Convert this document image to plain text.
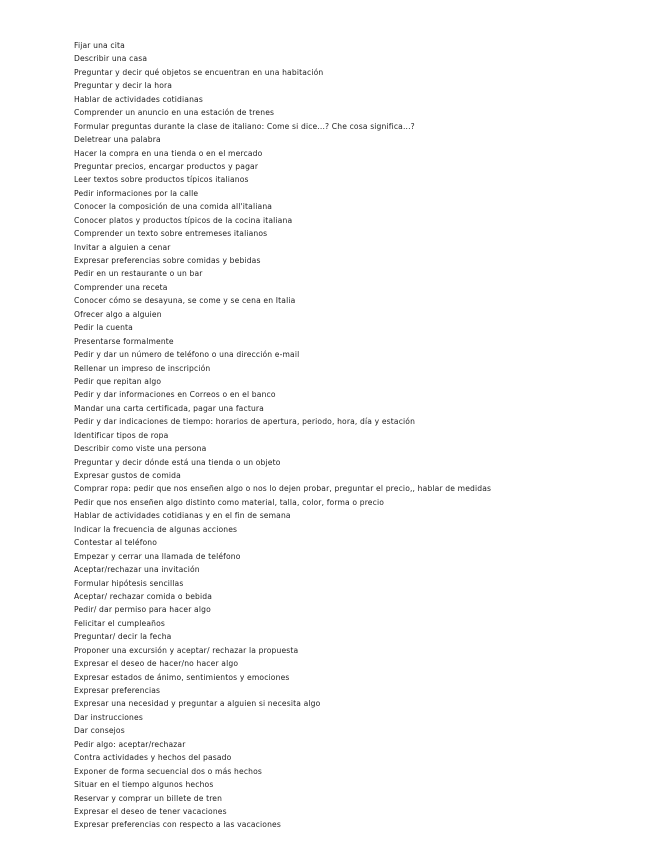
Fijar una cita
Describir una casa
Preguntar y decir qué objetos se encuentran en una habitación
Preguntar y decir la hora
Hablar de actividades cotidianas
Comprender un anuncio en una estación de trenes
Formular preguntas durante la clase de italiano: Come si dice...? Che cosa significa...?
Deletrear una palabra
Hacer la compra en una tienda o en el mercado
Preguntar precios, encargar productos y pagar
Leer textos sobre productos típicos italianos
Pedir informaciones por la calle
Conocer la composición de una comida all'italiana
Conocer platos y productos típicos de la cocina italiana
Comprender un texto sobre entremeses italianos
Invitar a alguien a cenar
Expresar preferencias sobre comidas y bebidas
Pedir en un restaurante o un bar
Comprender una receta
Conocer cómo se desayuna, se come y se cena en Italia
Ofrecer algo a alguien
Pedir la cuenta
Presentarse formalmente
Pedir y dar un número de teléfono o una dirección e-mail
Rellenar un impreso de inscripción
Pedir que repitan algo
Pedir y dar informaciones en Correos o en el banco
Mandar una carta certificada, pagar una factura
Pedir y dar indicaciones de tiempo: horarios de apertura, periodo, hora, día y estación
Identificar tipos de ropa
Describir como viste una persona
Preguntar y decir dónde está una tienda o un objeto
Expresar gustos de comida
Comprar ropa: pedir que nos enseñen algo o nos lo dejen probar, preguntar el precio,, hablar de medidas
Pedir que nos enseñen algo distinto como material, talla, color, forma o precio
Hablar de actividades cotidianas y en el fin de semana
Indicar la frecuencia de algunas acciones
Contestar al teléfono
Empezar y cerrar una llamada de teléfono
Aceptar/rechazar una invitación
Formular hipótesis sencillas
Aceptar/ rechazar comida o bebida
Pedir/ dar permiso para hacer algo
Felicitar el cumpleaños
Preguntar/ decir la fecha
Proponer una excursión y aceptar/ rechazar la propuesta
Expresar el deseo de hacer/no hacer algo
Expresar estados de ánimo, sentimientos y emociones
Expresar preferencias
Expresar una necesidad y preguntar a alguien si necesita algo
Dar instrucciones
Dar consejos
Pedir algo: aceptar/rechazar
Contra actividades y hechos del pasado
Exponer de forma secuencial dos o más hechos
Situar en el tiempo algunos hechos
Reservar y comprar un billete de tren
Expresar el deseo de tener vacaciones
Expresar preferencias con respecto a las vacaciones
